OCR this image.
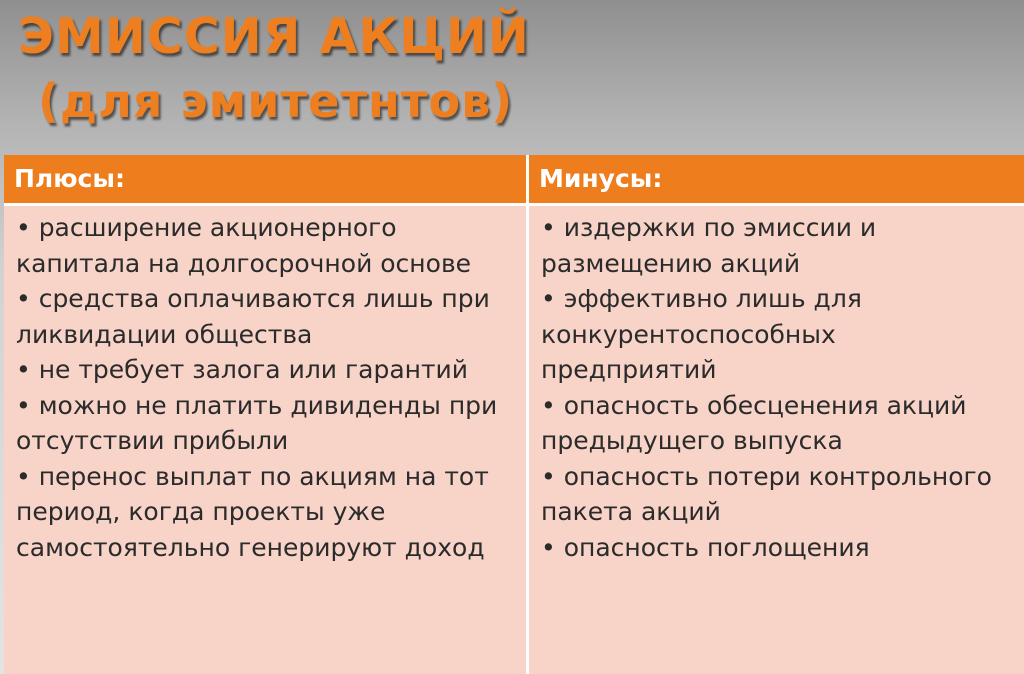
ЭМИССИЯ АКЦИЙ
(для эмитетнтов)
Плюсы:

• расширение акционерного капитала на долгосрочной основе

• средства оплачиваются лишь при ликвидации общества

• не требует залога или гарантий

• можно не платить дивиденды при отсутствии прибыли

• перенос выплат по акциям на тот период, когда проекты уже самостоятельно генерируют доход

Минусы:

• издержки по эмиссии и размещению акций

• эффективно лишь для конкурентоспособных предприятий

• опасность обесценения акций предыдущего выпуска

• опасность потери контрольного пакета акций

• опасность поглощения
